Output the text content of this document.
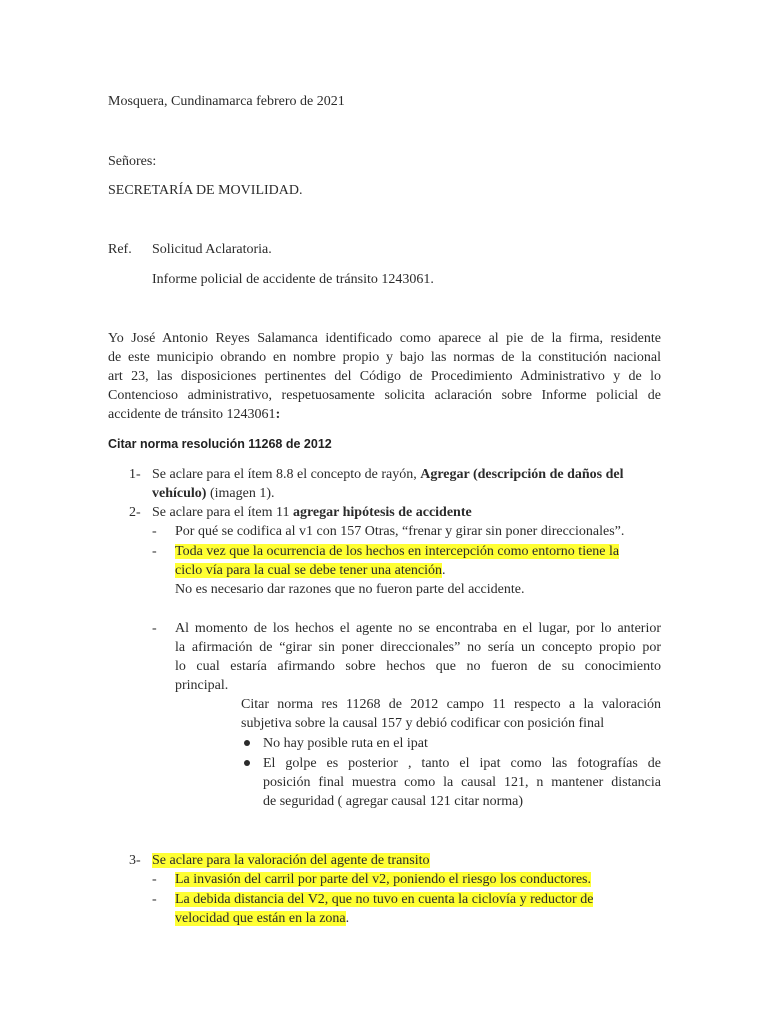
Mosquera, Cundinamarca febrero de 2021
Señores:
SECRETARÍA DE MOVILIDAD.
Ref. Solicitud Aclaratoria.
Informe policial de accidente de tránsito 1243061.
Yo José Antonio Reyes Salamanca identificado como aparece al pie de la firma, residente
de este municipio obrando en nombre propio y bajo las normas de la constitución nacional
art 23, las disposiciones pertinentes del Código de Procedimiento Administrativo y de lo
Contencioso administrativo, respetuosamente solicita aclaración sobre Informe policial de
accidente de tránsito 1243061:
Citar norma resolución 11268 de 2012
1- Se aclare para el ítem 8.8 el concepto de rayón, Agregar (descripción de daños del
vehículo) (imagen 1).
2- Se aclare para el ítem 11 agregar hipótesis de accidente
- Por qué se codifica al v1 con 157 Otras, “frenar y girar sin poner direccionales”.
- Toda vez que la ocurrencia de los hechos en intercepción como entorno tiene la
ciclo vía para la cual se debe tener una atención.
No es necesario dar razones que no fueron parte del accidente.
- Al momento de los hechos el agente no se encontraba en el lugar, por lo anterior
la afirmación de “girar sin poner direccionales” no sería un concepto propio por
lo cual estaría afirmando sobre hechos que no fueron de su conocimiento
principal.
Citar norma res 11268 de 2012 campo 11 respecto a la valoración
subjetiva sobre la causal 157 y debió codificar con posición final
No hay posible ruta en el ipat
El golpe es posterior , tanto el ipat como las fotografías de
posición final muestra como la causal 121, n mantener distancia
de seguridad ( agregar causal 121 citar norma)
3- Se aclare para la valoración del agente de transito
- La invasión del carril por parte del v2, poniendo el riesgo los conductores.
- La debida distancia del V2, que no tuvo en cuenta la ciclovía y reductor de
velocidad que están en la zona.
